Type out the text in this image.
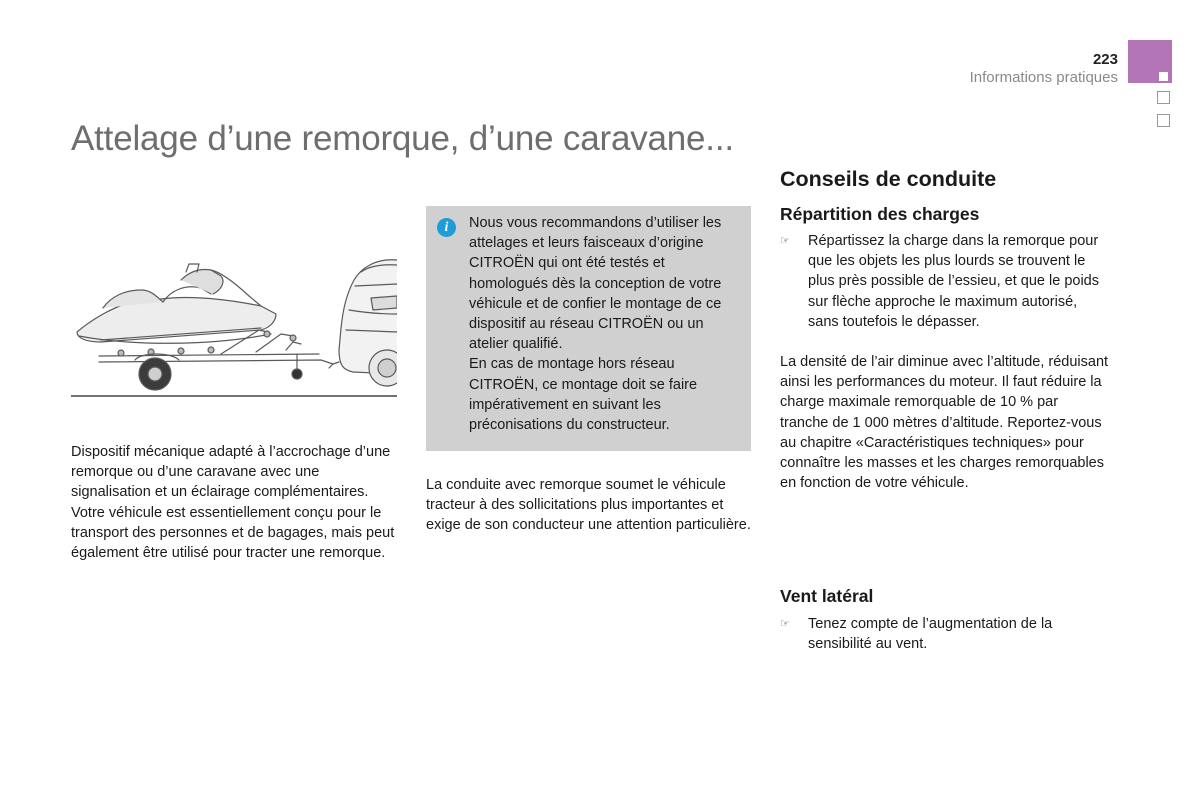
223
Informations pratiques
Attelage d’une remorque, d’une caravane...

Dispositif mécanique adapté à l’accrochage d’une remorque ou d’une caravane avec une signalisation et un éclairage complémentaires. Votre véhicule est essentiellement conçu pour le transport des personnes et de bagages, mais peut également être utilisé pour tracter une remorque.

i	Nous vous recommandons d’utiliser les attelages et leurs faisceaux d’origine CITROËN qui ont été testés et homologués dès la conception de votre véhicule et de confier le montage de ce dispositif au réseau CITROËN ou un atelier qualifié.
En cas de montage hors réseau CITROËN, ce montage doit se faire impérativement en suivant les préconisations du constructeur.

La conduite avec remorque soumet le véhicule tracteur à des sollicitations plus importantes et exige de son conducteur une attention particulière.

Conseils de conduite
Répartition des charges
☞ Répartissez la charge dans la remorque pour que les objets les plus lourds se trouvent le plus près possible de l’essieu, et que le poids sur flèche approche le maximum autorisé, sans toutefois le dépasser.

La densité de l’air diminue avec l’altitude, réduisant ainsi les performances du moteur. Il faut réduire la charge maximale remorquable de 10 % par tranche de 1 000 mètres d’altitude. Reportez-vous au chapitre «Caractéristiques techniques» pour connaître les masses et les charges remorquables en fonction de votre véhicule.

Vent latéral
☞ Tenez compte de l’augmentation de la sensibilité au vent.
